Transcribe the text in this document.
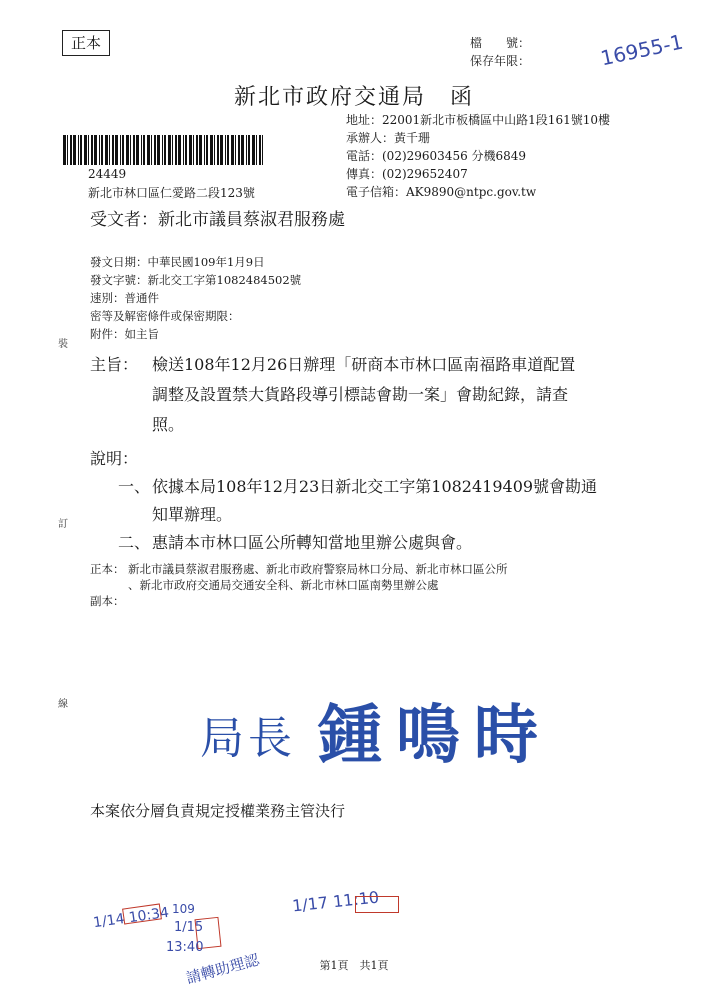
正本	檔　　號：
保存年限：	16955-1
新北市政府交通局　函
地址：22001新北市板橋區中山路1段161號10樓
承辦人：黃千珊
電話：(02)29603456 分機6849
傳真：(02)29652407
電子信箱：AK9890@ntpc.gov.tw
24449
新北市林口區仁愛路二段123號
受文者：新北市議員蔡淑君服務處
發文日期：中華民國109年1月9日
發文字號：新北交工字第1082484502號
速別：普通件
密等及解密條件或保密期限：
附件：如主旨
裝
訂
線
主旨： 檢送108年12月26日辦理「研商本市林口區南福路車道配置
調整及設置禁大貨路段導引標誌會勘一案」會勘紀錄，請查
照。
說明：
一、 依據本局108年12月23日新北交工字第1082419409號會勘通
知單辦理。
二、 惠請本市林口區公所轉知當地里辦公處與會。
正本： 新北市議員蔡淑君服務處、新北市政府警察局林口分局、新北市林口區公所
、新北市政府交通局交通安全科、新北市林口區南勢里辦公處
副本：
局長 鍾鳴時
本案依分層負責規定授權業務主管決行
1/14 10:34 109
1/15
13:40
請轉助理認
1/17 11:10
第1頁　共1頁
